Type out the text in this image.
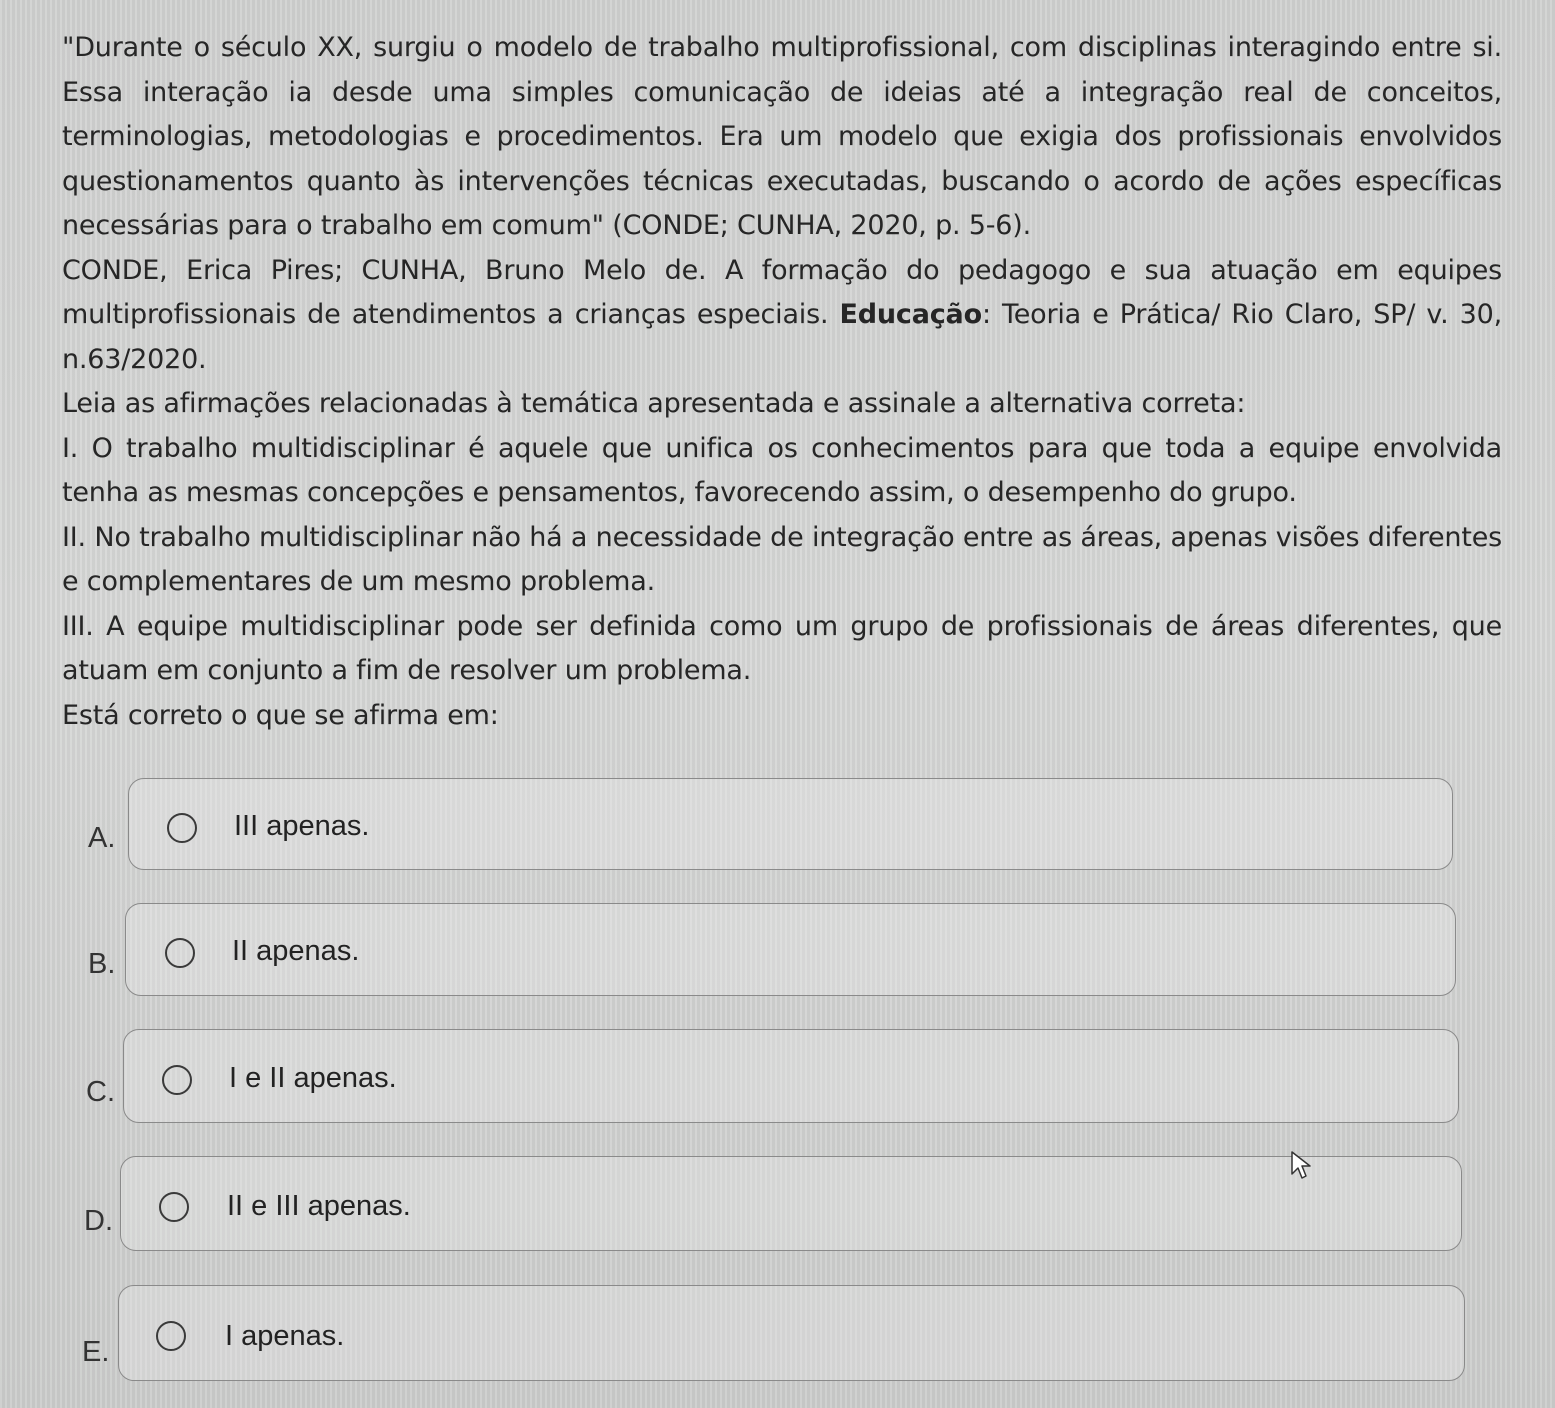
"Durante o século XX, surgiu o modelo de trabalho multiprofissional, com disciplinas interagindo entre si. Essa interação ia desde uma simples comunicação de ideias até a integração real de conceitos, terminologias, metodologias e procedimentos. Era um modelo que exigia dos profissionais envolvidos questionamentos quanto às intervenções técnicas executadas, buscando o acordo de ações específicas necessárias para o trabalho em comum" (CONDE; CUNHA, 2020, p. 5-6).

CONDE, Erica Pires; CUNHA, Bruno Melo de. A formação do pedagogo e sua atuação em equipes multiprofissionais de atendimentos a crianças especiais. Educação: Teoria e Prática/ Rio Claro, SP/ v. 30, n.63/2020.

Leia as afirmações relacionadas à temática apresentada e assinale a alternativa correta:

I. O trabalho multidisciplinar é aquele que unifica os conhecimentos para que toda a equipe envolvida tenha as mesmas concepções e pensamentos, favorecendo assim, o desempenho do grupo.

II. No trabalho multidisciplinar não há a necessidade de integração entre as áreas, apenas visões diferentes e complementares de um mesmo problema.

III. A equipe multidisciplinar pode ser definida como um grupo de profissionais de áreas diferentes, que atuam em conjunto a fim de resolver um problema.

Está correto o que se afirma em:

A.	III apenas.
B.	II apenas.
C.	I e II apenas.
D.	II e III apenas.
E.	I apenas.
